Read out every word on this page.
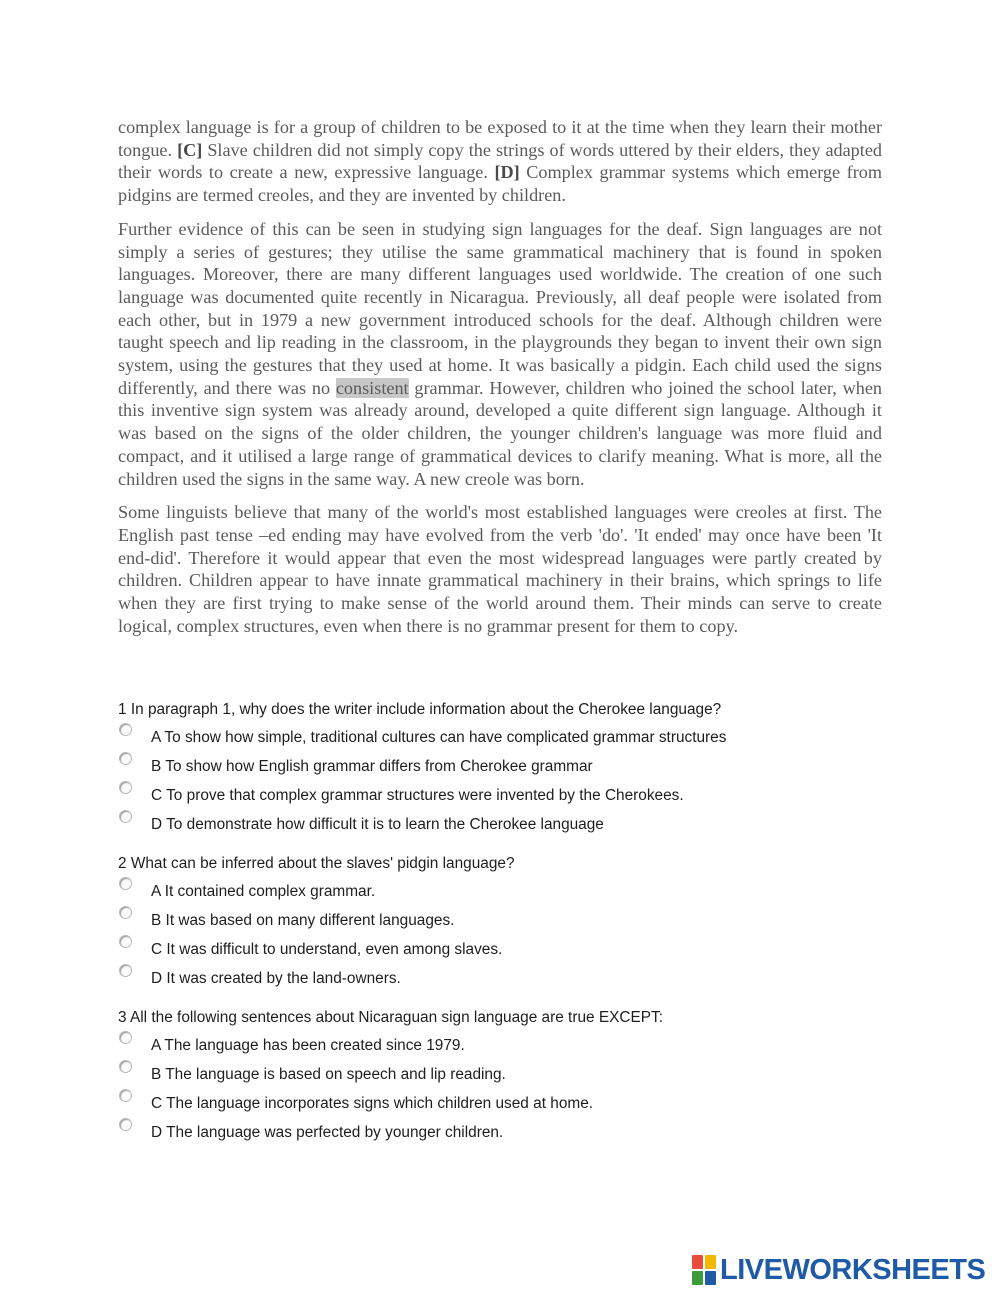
complex language is for a group of children to be exposed to it at the time when they learn their mother tongue. [C] Slave children did not simply copy the strings of words uttered by their elders, they adapted their words to create a new, expressive language. [D] Complex grammar systems which emerge from pidgins are termed creoles, and they are invented by children.

Further evidence of this can be seen in studying sign languages for the deaf. Sign languages are not simply a series of gestures; they utilise the same grammatical machinery that is found in spoken languages. Moreover, there are many different languages used worldwide. The creation of one such language was documented quite recently in Nicaragua. Previously, all deaf people were isolated from each other, but in 1979 a new government introduced schools for the deaf. Although children were taught speech and lip reading in the classroom, in the playgrounds they began to invent their own sign system, using the gestures that they used at home. It was basically a pidgin. Each child used the signs differently, and there was no consistent grammar. However, children who joined the school later, when this inventive sign system was already around, developed a quite different sign language. Although it was based on the signs of the older children, the younger children's language was more fluid and compact, and it utilised a large range of grammatical devices to clarify meaning. What is more, all the children used the signs in the same way. A new creole was born.

Some linguists believe that many of the world's most established languages were creoles at first. The English past tense –ed ending may have evolved from the verb 'do'. 'It ended' may once have been 'It end-did'. Therefore it would appear that even the most widespread languages were partly created by children. Children appear to have innate grammatical machinery in their brains, which springs to life when they are first trying to make sense of the world around them. Their minds can serve to create logical, complex structures, even when there is no grammar present for them to copy.

1 In paragraph 1, why does the writer include information about the Cherokee language?
A To show how simple, traditional cultures can have complicated grammar structures
B To show how English grammar differs from Cherokee grammar
C To prove that complex grammar structures were invented by the Cherokees.
D To demonstrate how difficult it is to learn the Cherokee language
2 What can be inferred about the slaves' pidgin language?
A It contained complex grammar.
B It was based on many different languages.
C It was difficult to understand, even among slaves.
D It was created by the land-owners.
3 All the following sentences about Nicaraguan sign language are true EXCEPT:
A The language has been created since 1979.
B The language is based on speech and lip reading.
C The language incorporates signs which children used at home.
D The language was perfected by younger children.
LIVEWORKSHEETS
